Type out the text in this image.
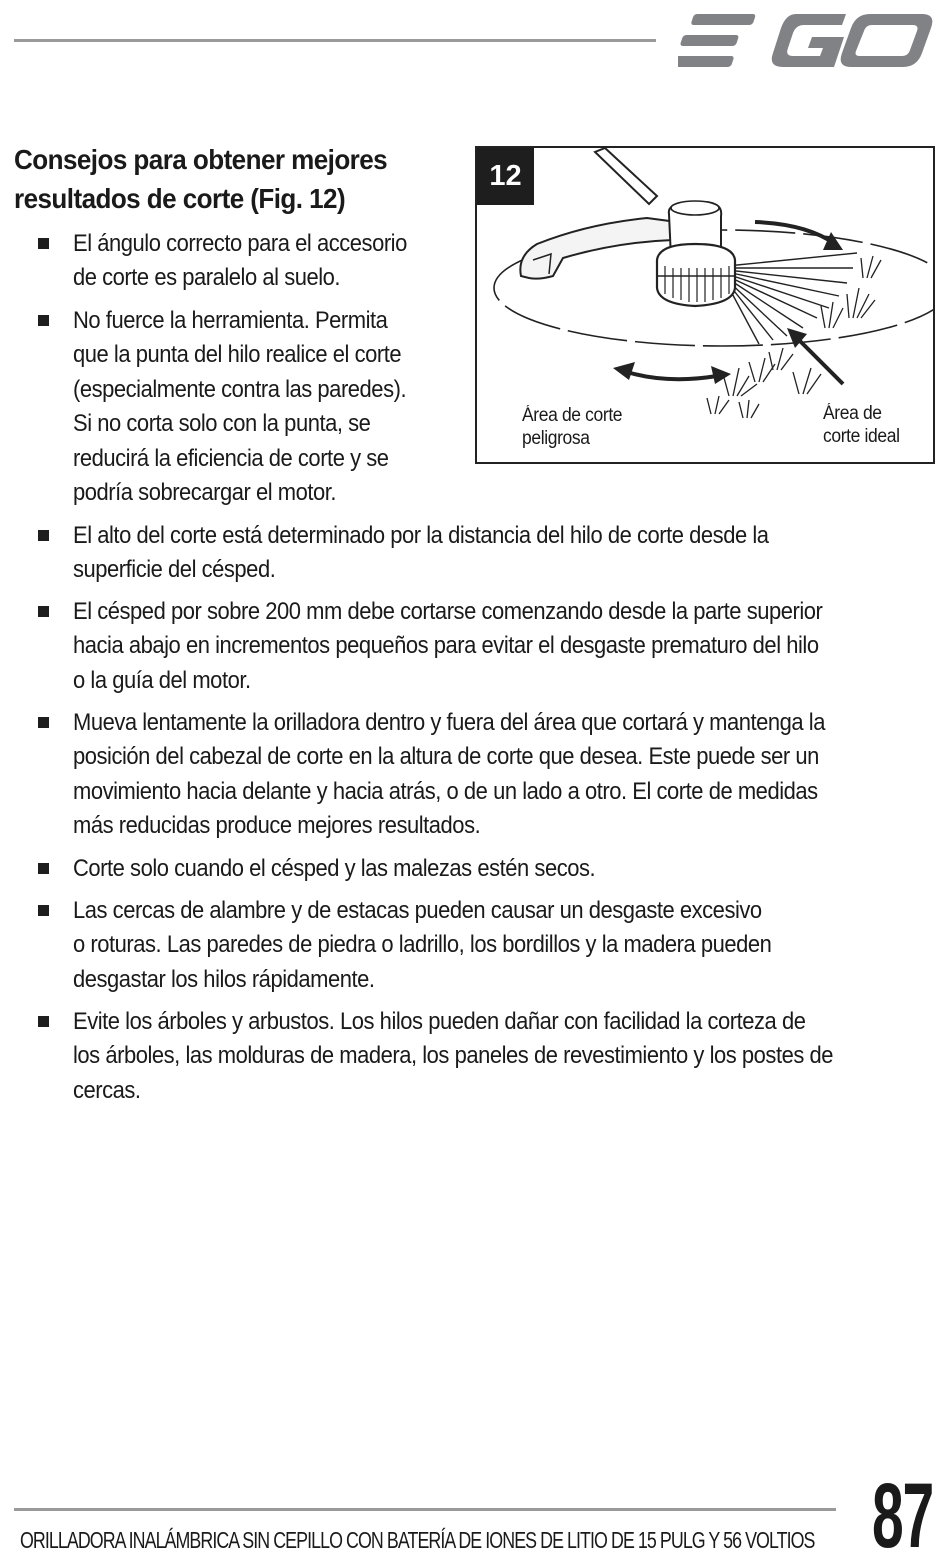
Consejos para obtener mejores
resultados de corte (Fig. 12)
12
Área de corte
peligrosa
Área de
corte ideal
El ángulo correcto para el accesorio
de corte es paralelo al suelo.
No fuerce la herramienta. Permita
que la punta del hilo realice el corte
(especialmente contra las paredes).
Si no corta solo con la punta, se
reducirá la eficiencia de corte y se
podría sobrecargar el motor.
El alto del corte está determinado por la distancia del hilo de corte desde la
superficie del césped.
El césped por sobre 200 mm debe cortarse comenzando desde la parte superior
hacia abajo en incrementos pequeños para evitar el desgaste prematuro del hilo
o la guía del motor.
Mueva lentamente la orilladora dentro y fuera del área que cortará y mantenga la
posición del cabezal de corte en la altura de corte que desea. Este puede ser un
movimiento hacia delante y hacia atrás, o de un lado a otro. El corte de medidas
más reducidas produce mejores resultados.
Corte solo cuando el césped y las malezas estén secos.
Las cercas de alambre y de estacas pueden causar un desgaste excesivo
o roturas. Las paredes de piedra o ladrillo, los bordillos y la madera pueden
desgastar los hilos rápidamente.
Evite los árboles y arbustos. Los hilos pueden dañar con facilidad la corteza de
los árboles, las molduras de madera, los paneles de revestimiento y los postes de
cercas.
ORILLADORA INALÁMBRICA SIN CEPILLO CON BATERÍA DE IONES DE LITIO DE 15 PULG Y 56 VOLTIOS 87
